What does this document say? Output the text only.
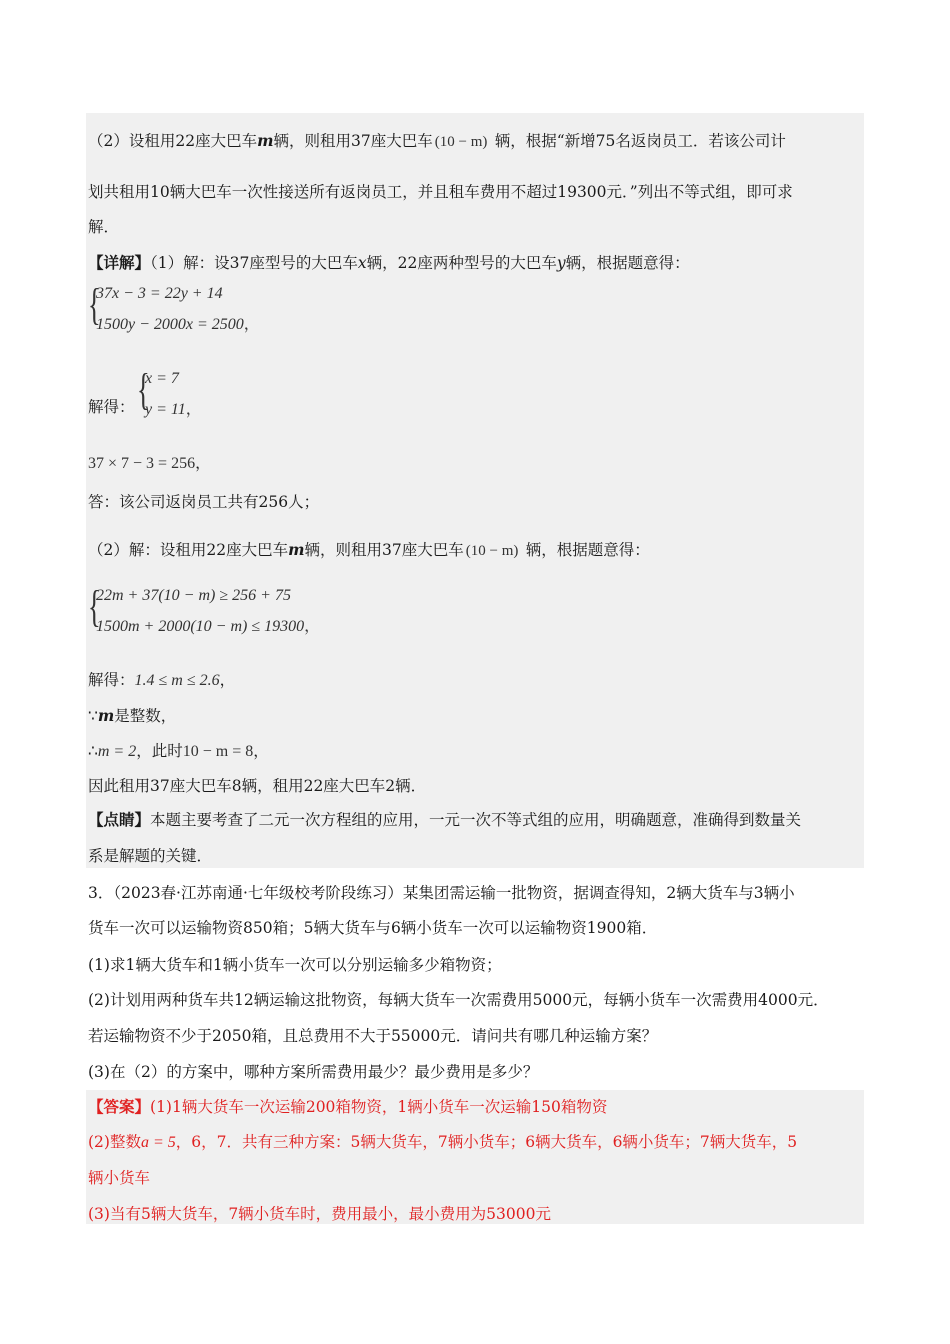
（2）设租用22座大巴车m辆，则租用37座大巴车 (10 − m) 辆，根据“新增75名返岗员工．若该公司计
划共租用10辆大巴车一次性接送所有返岗员工，并且租车费用不超过19300元．”列出不等式组，即可求
解．
【详解】（1）解：设37座型号的大巴车x辆，22座两种型号的大巴车y辆，根据题意得：
{
37x − 3 = 22y + 14
1500y − 2000x = 2500，
解得： {
x = 7
y = 11，
37 × 7 − 3 = 256，
答：该公司返岗员工共有256人；
（2）解：设租用22座大巴车m辆，则租用37座大巴车 (10 − m) 辆，根据题意得：
{
22m + 37(10 − m) ≥ 256 + 75
1500m + 2000(10 − m) ≤ 19300，
解得：1.4 ≤ m ≤ 2.6，
∵m是整数，
∴m = 2，此时10 − m = 8，
因此租用37座大巴车8辆，租用22座大巴车2辆．
【点睛】本题主要考查了二元一次方程组的应用，一元一次不等式组的应用，明确题意，准确得到数量关
系是解题的关键．
3．（2023春·江苏南通·七年级校考阶段练习）某集团需运输一批物资，据调查得知，2辆大货车与3辆小
货车一次可以运输物资850箱；5辆大货车与6辆小货车一次可以运输物资1900箱．
(1)求1辆大货车和1辆小货车一次可以分别运输多少箱物资；
(2)计划用两种货车共12辆运输这批物资，每辆大货车一次需费用5000元，每辆小货车一次需费用4000元．
若运输物资不少于2050箱，且总费用不大于55000元．请问共有哪几种运输方案？
(3)在（2）的方案中，哪种方案所需费用最少？最少费用是多少？
【答案】(1)1辆大货车一次运输200箱物资，1辆小货车一次运输150箱物资
(2)整数a = 5，6，7．共有三种方案：5辆大货车，7辆小货车；6辆大货车，6辆小货车；7辆大货车，5
辆小货车
(3)当有5辆大货车，7辆小货车时，费用最小，最小费用为53000元
